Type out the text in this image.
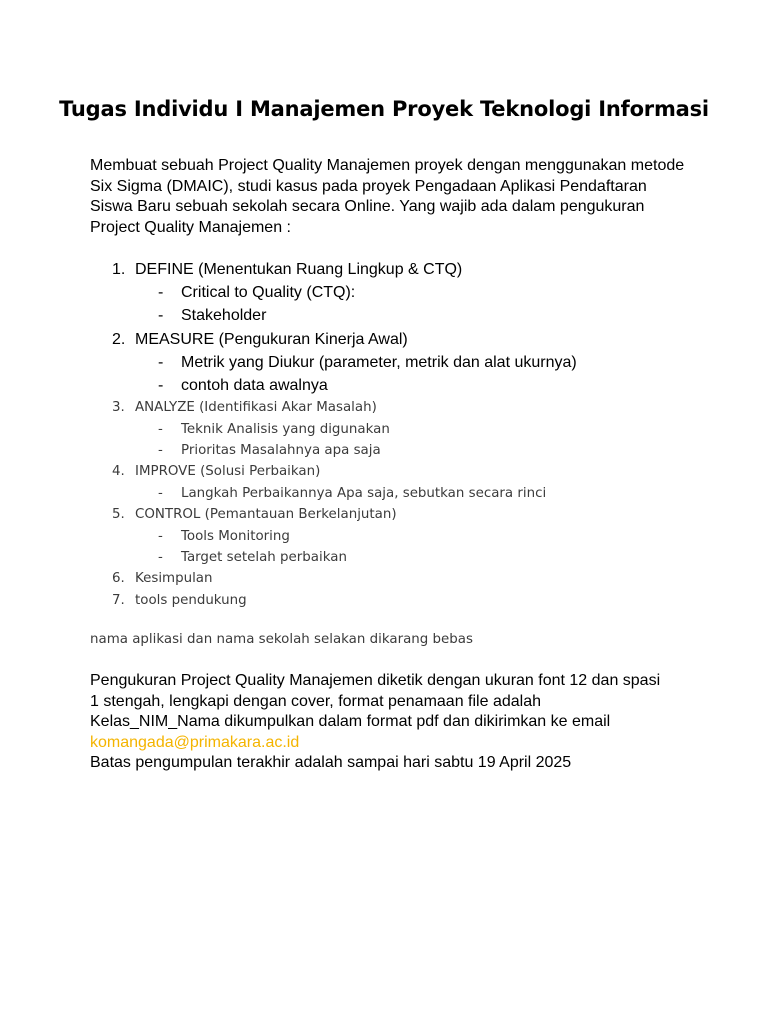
Tugas Individu I Manajemen Proyek Teknologi Informasi

Membuat sebuah Project Quality Manajemen proyek dengan menggunakan metode Six Sigma (DMAIC), studi kasus pada proyek Pengadaan Aplikasi Pendaftaran Siswa Baru sebuah sekolah secara Online. Yang wajib ada dalam pengukuran Project Quality Manajemen :

1. DEFINE (Menentukan Ruang Lingkup & CTQ)
- Critical to Quality (CTQ):
- Stakeholder
2. MEASURE (Pengukuran Kinerja Awal)
- Metrik yang Diukur (parameter, metrik dan alat ukurnya)
- contoh data awalnya
3. ANALYZE (Identifikasi Akar Masalah)
- Teknik Analisis yang digunakan
- Prioritas Masalahnya apa saja
4. IMPROVE (Solusi Perbaikan)
- Langkah Perbaikannya Apa saja, sebutkan secara rinci
5. CONTROL (Pemantauan Berkelanjutan)
- Tools Monitoring
- Target setelah perbaikan
6. Kesimpulan
7. tools pendukung

nama aplikasi dan nama sekolah selakan dikarang bebas

Pengukuran Project Quality Manajemen diketik dengan ukuran font 12 dan spasi
1 stengah, lengkapi dengan cover, format penamaan file adalah
Kelas_NIM_Nama dikumpulkan dalam format pdf dan dikirimkan ke email
komangada@primakara.ac.id
Batas pengumpulan terakhir adalah sampai hari sabtu 19 April 2025
